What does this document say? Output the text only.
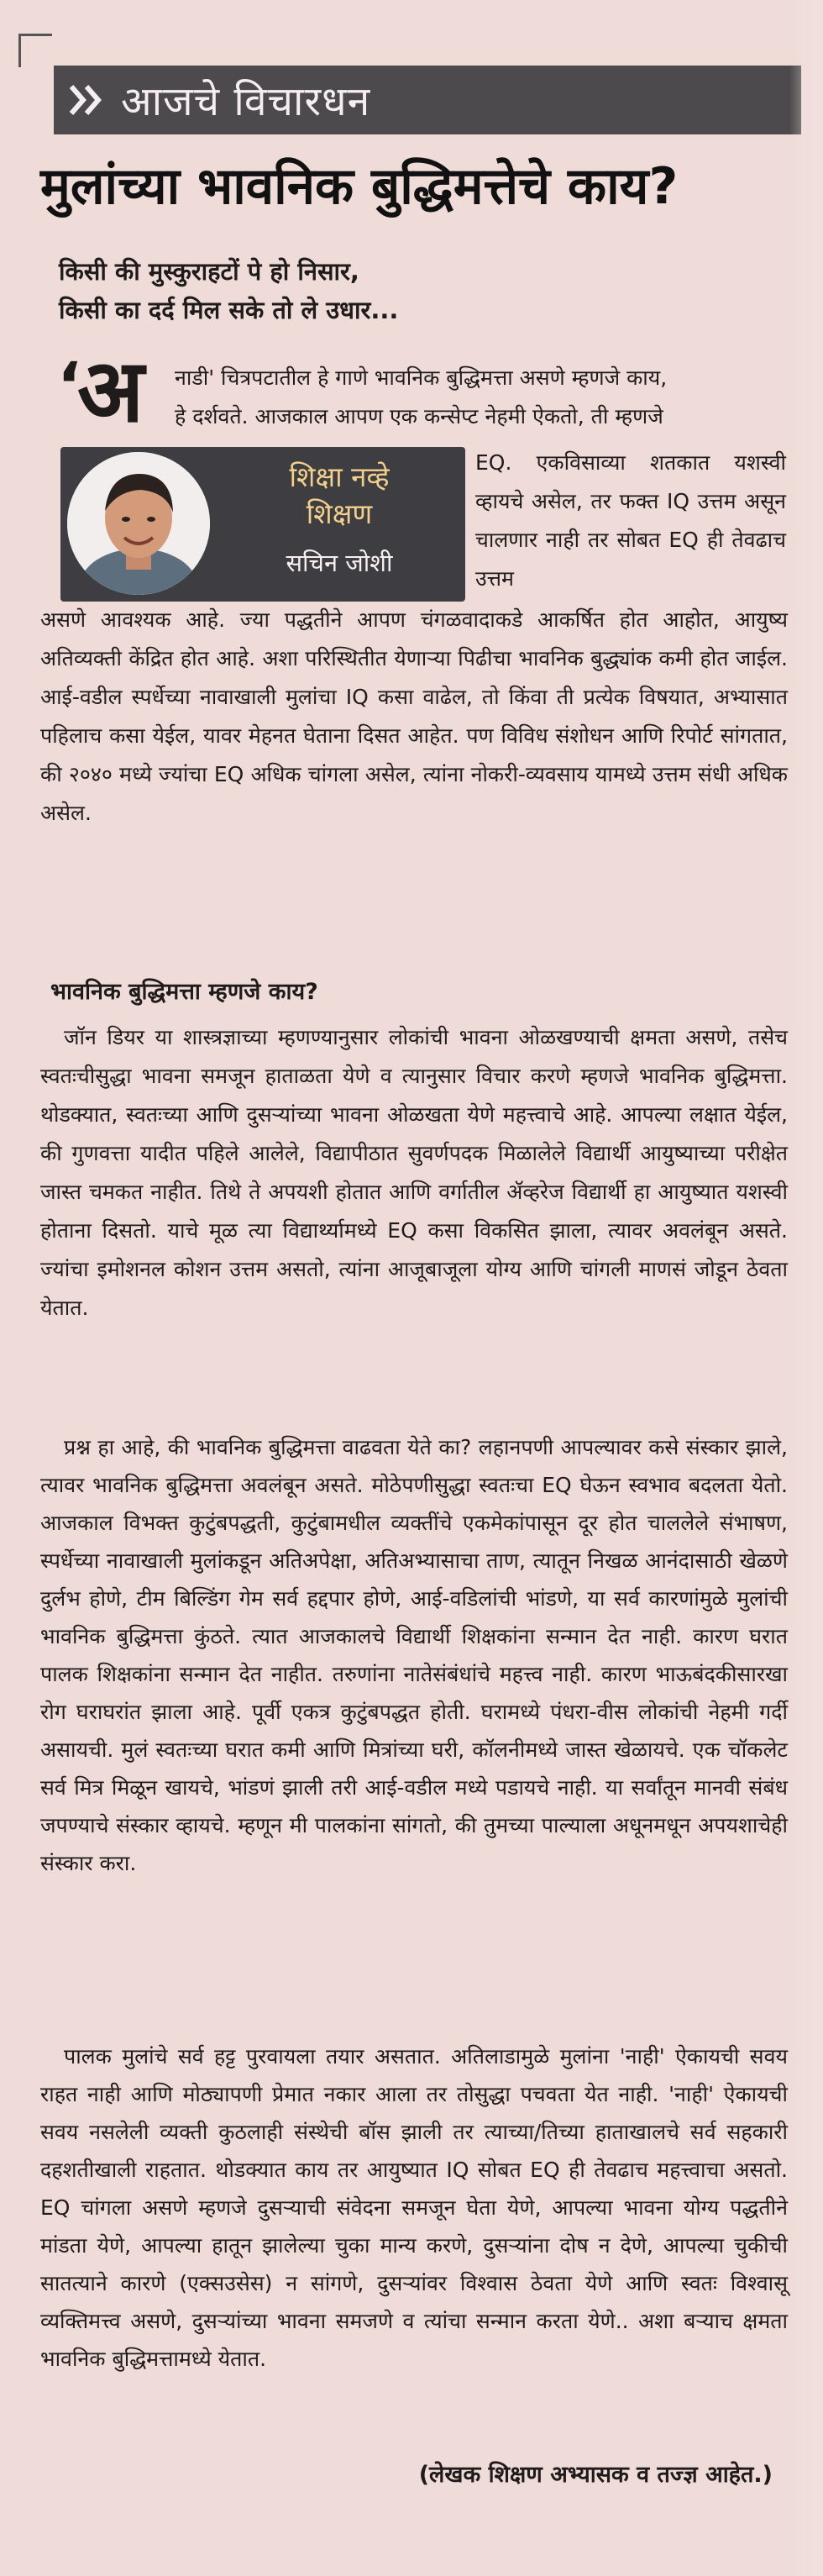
आजचे विचारधन
मुलांच्या भावनिक बुद्धिमत्तेचे काय?
किसी की मुस्कुराहटों पे हो निसार,
किसी का दर्द मिल सके तो ले उधार...
‘
अ नाडी' चित्रपटातील हे गाणे भावनिक बुद्धिमत्ता असणे म्हणजे काय,
हे दर्शवते. आजकाल आपण एक कन्सेप्ट नेहमी ऐकतो, ती म्हणजे
शिक्षा नव्हे
शिक्षण
सचिन जोशी
EQ. एकविसाव्या शतकात यशस्वी व्हायचे असेल, तर फक्त IQ उत्तम असून चालणार नाही तर सोबत EQ ही तेवढाच उत्तम
असणे आवश्यक आहे. ज्या पद्धतीने आपण चंगळवादाकडे आकर्षित होत आहोत, आयुष्य अतिव्यक्ती केंद्रित होत आहे. अशा परिस्थितीत येणाऱ्या पिढीचा भावनिक बुद्ध्यांक कमी होत जाईल. आई-वडील स्पर्धेच्या नावाखाली मुलांचा IQ कसा वाढेल, तो किंवा ती प्रत्येक विषयात, अभ्यासात पहिलाच कसा येईल, यावर मेहनत घेताना दिसत आहेत. पण विविध संशोधन आणि रिपोर्ट सांगतात, की २०४० मध्ये ज्यांचा EQ अधिक चांगला असेल, त्यांना नोकरी-व्यवसाय यामध्ये उत्तम संधी अधिक असेल.
भावनिक बुद्धिमत्ता म्हणजे काय?
जॉन डियर या शास्त्रज्ञाच्या म्हणण्यानुसार लोकांची भावना ओळखण्याची क्षमता असणे, तसेच स्वतःचीसुद्धा भावना समजून हाताळता येणे व त्यानुसार विचार करणे म्हणजे भावनिक बुद्धिमत्ता. थोडक्यात, स्वतःच्या आणि दुसऱ्यांच्या भावना ओळखता येणे महत्त्वाचे आहे. आपल्या लक्षात येईल, की गुणवत्ता यादीत पहिले आलेले, विद्यापीठात सुवर्णपदक मिळालेले विद्यार्थी आयुष्याच्या परीक्षेत जास्त चमकत नाहीत. तिथे ते अपयशी होतात आणि वर्गातील ॲव्हरेज विद्यार्थी हा आयुष्यात यशस्वी होताना दिसतो. याचे मूळ त्या विद्यार्थ्यामध्ये EQ कसा विकसित झाला, त्यावर अवलंबून असते. ज्यांचा इमोशनल कोशन उत्तम असतो, त्यांना आजूबाजूला योग्य आणि चांगली माणसं जोडून ठेवता येतात.
प्रश्न हा आहे, की भावनिक बुद्धिमत्ता वाढवता येते का? लहानपणी आपल्यावर कसे संस्कार झाले, त्यावर भावनिक बुद्धिमत्ता अवलंबून असते. मोठेपणीसुद्धा स्वतःचा EQ घेऊन स्वभाव बदलता येतो. आजकाल विभक्त कुटुंबपद्धती, कुटुंबामधील व्यक्तींचे एकमेकांपासून दूर होत चाललेले संभाषण, स्पर्धेच्या नावाखाली मुलांकडून अतिअपेक्षा, अतिअभ्यासाचा ताण, त्यातून निखळ आनंदासाठी खेळणे दुर्लभ होणे, टीम बिल्डिंग गेम सर्व हद्दपार होणे, आई-वडिलांची भांडणे, या सर्व कारणांमुळे मुलांची भावनिक बुद्धिमत्ता कुंठते. त्यात आजकालचे विद्यार्थी शिक्षकांना सन्मान देत नाही. कारण घरात पालक शिक्षकांना सन्मान देत नाहीत. तरुणांना नातेसंबंधांचे महत्त्व नाही. कारण भाऊबंदकीसारखा रोग घराघरांत झाला आहे. पूर्वी एकत्र कुटुंबपद्धत होती. घरामध्ये पंधरा-वीस लोकांची नेहमी गर्दी असायची. मुलं स्वतःच्या घरात कमी आणि मित्रांच्या घरी, कॉलनीमध्ये जास्त खेळायचे. एक चॉकलेट सर्व मित्र मिळून खायचे, भांडणं झाली तरी आई-वडील मध्ये पडायचे नाही. या सर्वांतून मानवी संबंध जपण्याचे संस्कार व्हायचे. म्हणून मी पालकांना सांगतो, की तुमच्या पाल्याला अधूनमधून अपयशाचेही संस्कार करा.
पालक मुलांचे सर्व हट्ट पुरवायला तयार असतात. अतिलाडामुळे मुलांना 'नाही' ऐकायची सवय राहत नाही आणि मोठ्यापणी प्रेमात नकार आला तर तोसुद्धा पचवता येत नाही. 'नाही' ऐकायची सवय नसलेली व्यक्ती कुठलाही संस्थेची बॉस झाली तर त्याच्या/तिच्या हाताखालचे सर्व सहकारी दहशतीखाली राहतात. थोडक्यात काय तर आयुष्यात IQ सोबत EQ ही तेवढाच महत्त्वाचा असतो. EQ चांगला असणे म्हणजे दुसऱ्याची संवेदना समजून घेता येणे, आपल्या भावना योग्य पद्धतीने मांडता येणे, आपल्या हातून झालेल्या चुका मान्य करणे, दुसऱ्यांना दोष न देणे, आपल्या चुकीची सातत्याने कारणे (एक्सउसेस) न सांगणे, दुसऱ्यांवर विश्वास ठेवता येणे आणि स्वतः विश्वासू व्यक्तिमत्त्व असणे, दुसऱ्यांच्या भावना समजणे व त्यांचा सन्मान करता येणे.. अशा बऱ्याच क्षमता भावनिक बुद्धिमत्तामध्ये येतात.
(लेखक शिक्षण अभ्यासक व तज्ज्ञ आहेत.)
